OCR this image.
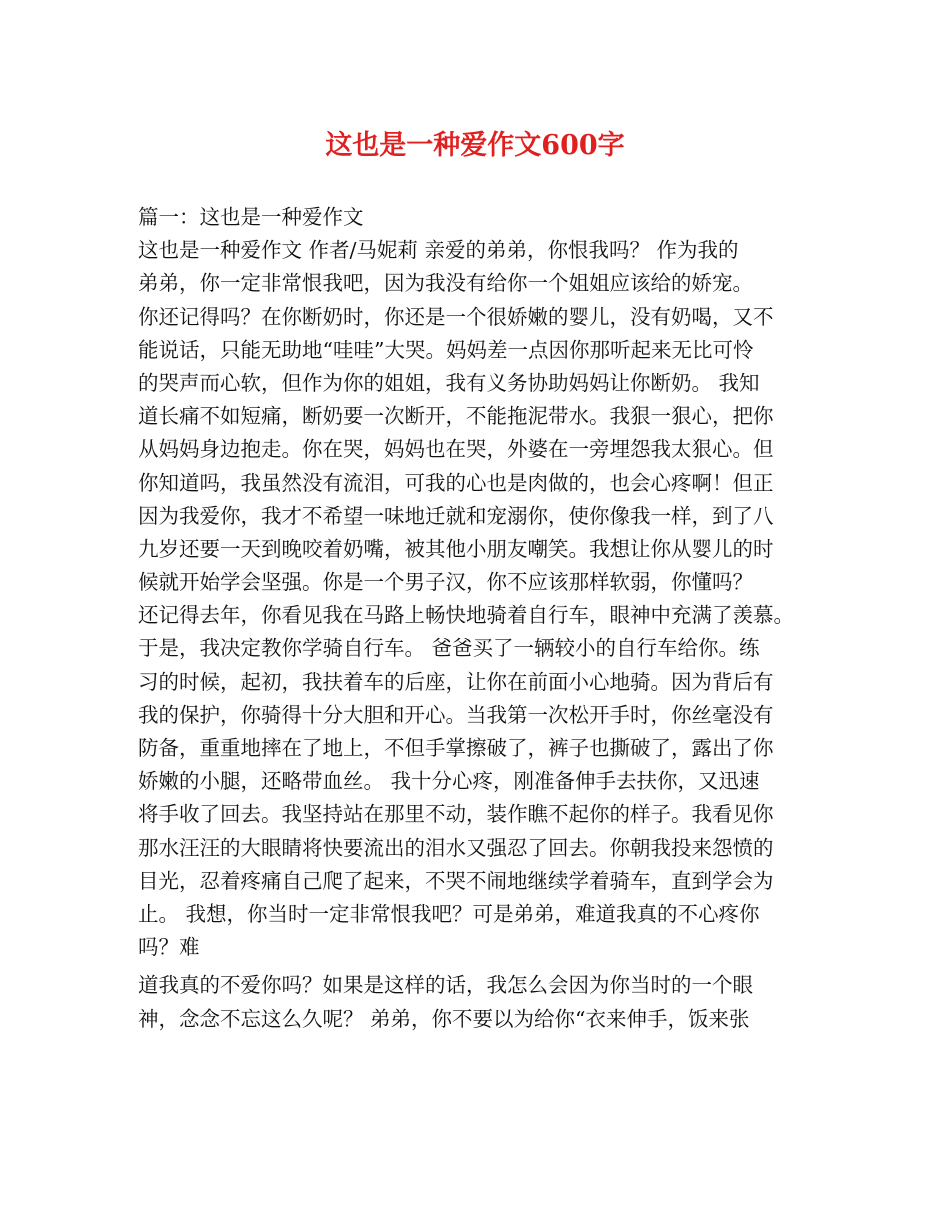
这也是一种爱作文600字
篇一：这也是一种爱作文
这也是一种爱作文 作者/马妮莉 亲爱的弟弟，你恨我吗？ 作为我的
弟弟，你一定非常恨我吧，因为我没有给你一个姐姐应该给的娇宠。
你还记得吗？在你断奶时，你还是一个很娇嫩的婴儿，没有奶喝，又不
能说话，只能无助地“哇哇”大哭。妈妈差一点因你那听起来无比可怜
的哭声而心软，但作为你的姐姐，我有义务协助妈妈让你断奶。 我知
道长痛不如短痛，断奶要一次断开，不能拖泥带水。我狠一狠心，把你
从妈妈身边抱走。你在哭，妈妈也在哭，外婆在一旁埋怨我太狠心。但
你知道吗，我虽然没有流泪，可我的心也是肉做的，也会心疼啊！但正
因为我爱你，我才不希望一味地迁就和宠溺你，使你像我一样，到了八
九岁还要一天到晚咬着奶嘴，被其他小朋友嘲笑。我想让你从婴儿的时
候就开始学会坚强。你是一个男子汉，你不应该那样软弱，你懂吗？
还记得去年，你看见我在马路上畅快地骑着自行车，眼神中充满了羡慕。
于是，我决定教你学骑自行车。 爸爸买了一辆较小的自行车给你。练
习的时候，起初，我扶着车的后座，让你在前面小心地骑。因为背后有
我的保护，你骑得十分大胆和开心。当我第一次松开手时，你丝毫没有
防备，重重地摔在了地上，不但手掌擦破了，裤子也撕破了，露出了你
娇嫩的小腿，还略带血丝。 我十分心疼，刚准备伸手去扶你，又迅速
将手收了回去。我坚持站在那里不动，装作瞧不起你的样子。我看见你
那水汪汪的大眼睛将快要流出的泪水又强忍了回去。你朝我投来怨愤的
目光，忍着疼痛自己爬了起来，不哭不闹地继续学着骑车，直到学会为
止。 我想，你当时一定非常恨我吧？可是弟弟，难道我真的不心疼你
吗？难
道我真的不爱你吗？如果是这样的话，我怎么会因为你当时的一个眼
神，念念不忘这么久呢？ 弟弟，你不要以为给你“衣来伸手，饭来张
